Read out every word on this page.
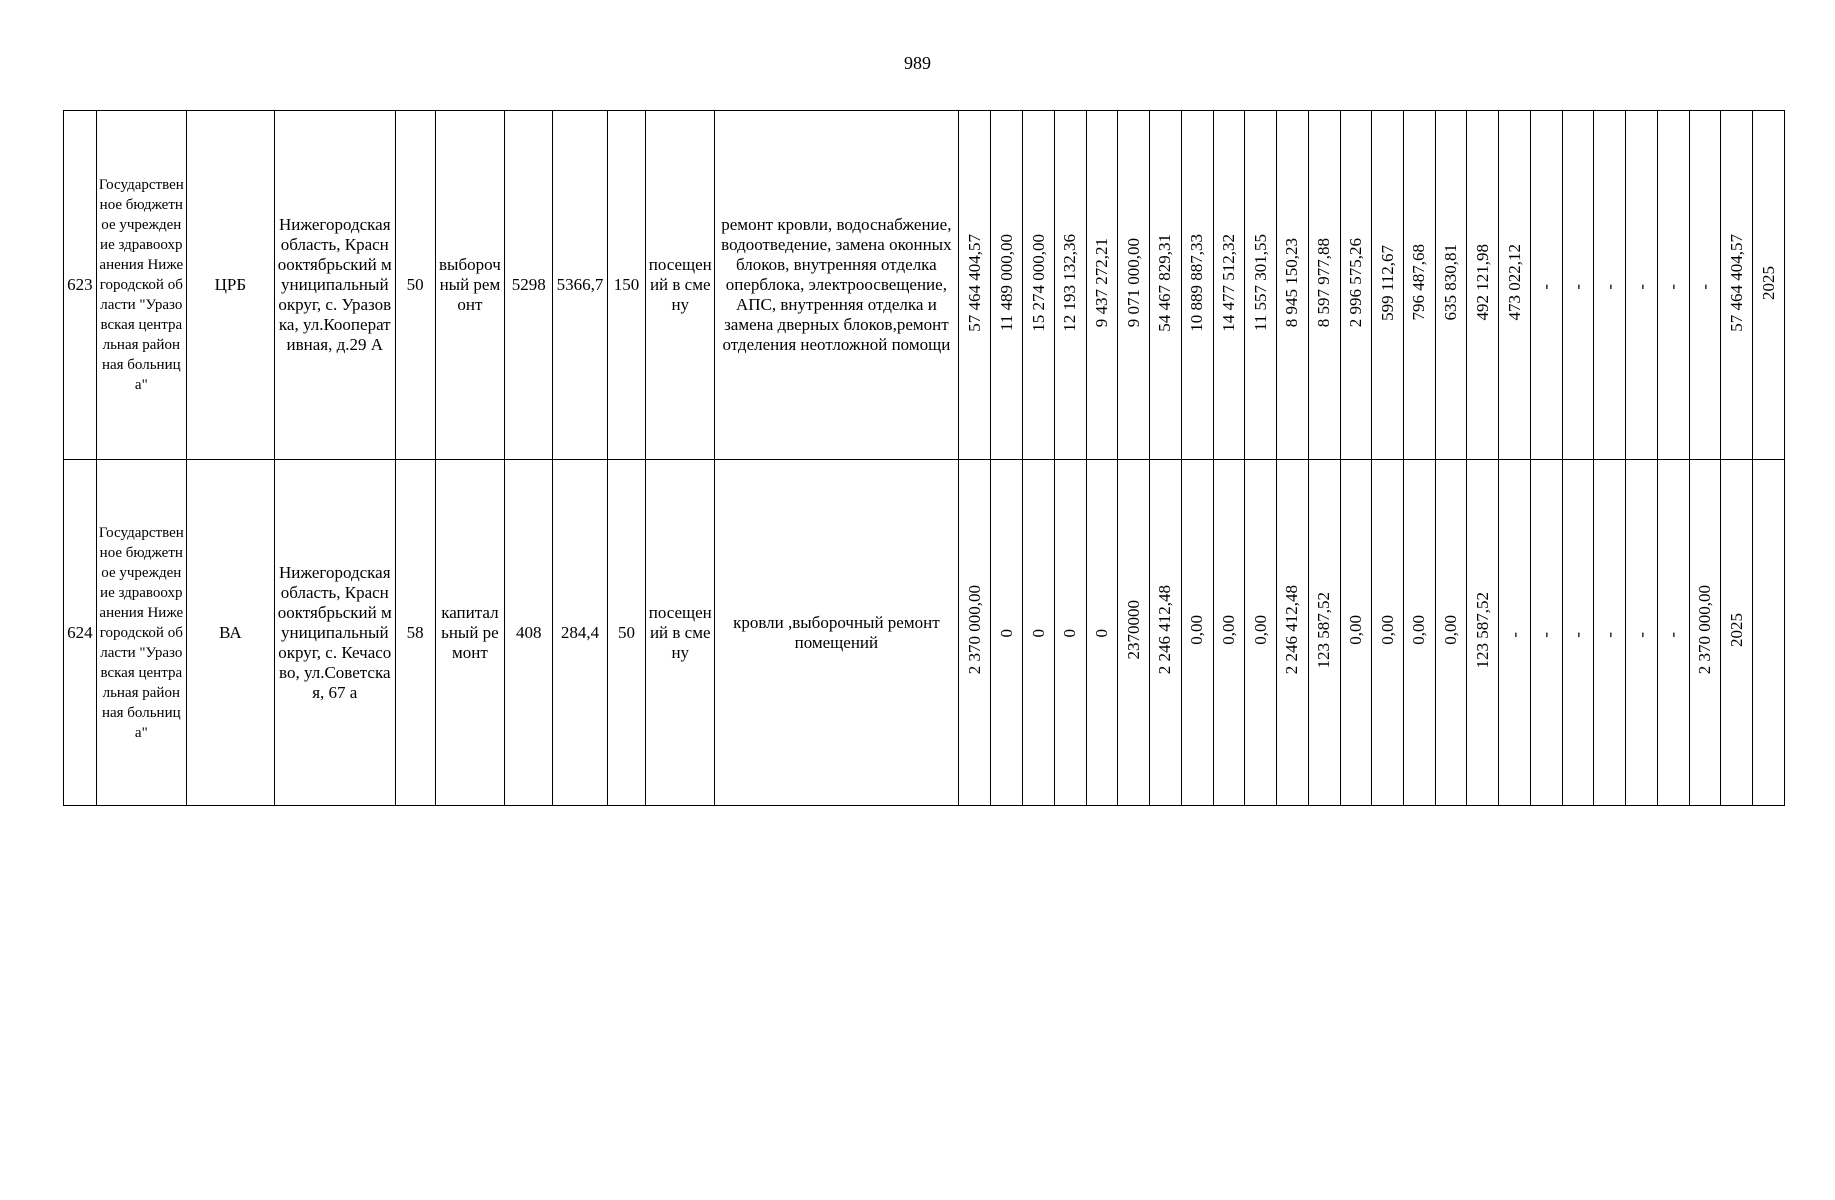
989
623	Государственное бюджетное учреждение здравоохранения Нижегородской области "Уразовская центральная районная больница"	ЦРБ	Нижегородская область, Краснооктябрьский муниципальный округ, с. Уразовка, ул.Кооперативная, д.29 А	50	выборочный ремонт	5298	5366,7	150	посещений в смену	ремонт кровли, водоснабжение, водоотведение, замена оконных блоков, внутренняя отделка оперблока, электроосвещение, АПС, внутренняя отделка и замена дверных блоков,ремонт отделения неотложной помощи	57 464 404,57	11 489 000,00	15 274 000,00	12 193 132,36	9 437 272,21	9 071 000,00	54 467 829,31	10 889 887,33	14 477 512,32	11 557 301,55	8 945 150,23	8 597 977,88	2 996 575,26	599 112,67	796 487,68	635 830,81	492 121,98	473 022,12	-	-	-	-	-	-	57 464 404,57	2025

624	Государственное бюджетное учреждение здравоохранения Нижегородской области "Уразовская центральная районная больница"	ВА	Нижегородская область, Краснооктябрьский муниципальный округ, с. Кечасово, ул.Советская, 67 а	58	капитальный ремонт	408	284,4	50	посещений в смену	кровли ,выборочный ремонт помещений	2 370 000,00	0	0	0	0	2370000	2 246 412,48	0,00	0,00	0,00	2 246 412,48	123 587,52	0,00	0,00	0,00	0,00	123 587,52	-	-	-	-	-	-	2 370 000,00	2025	
